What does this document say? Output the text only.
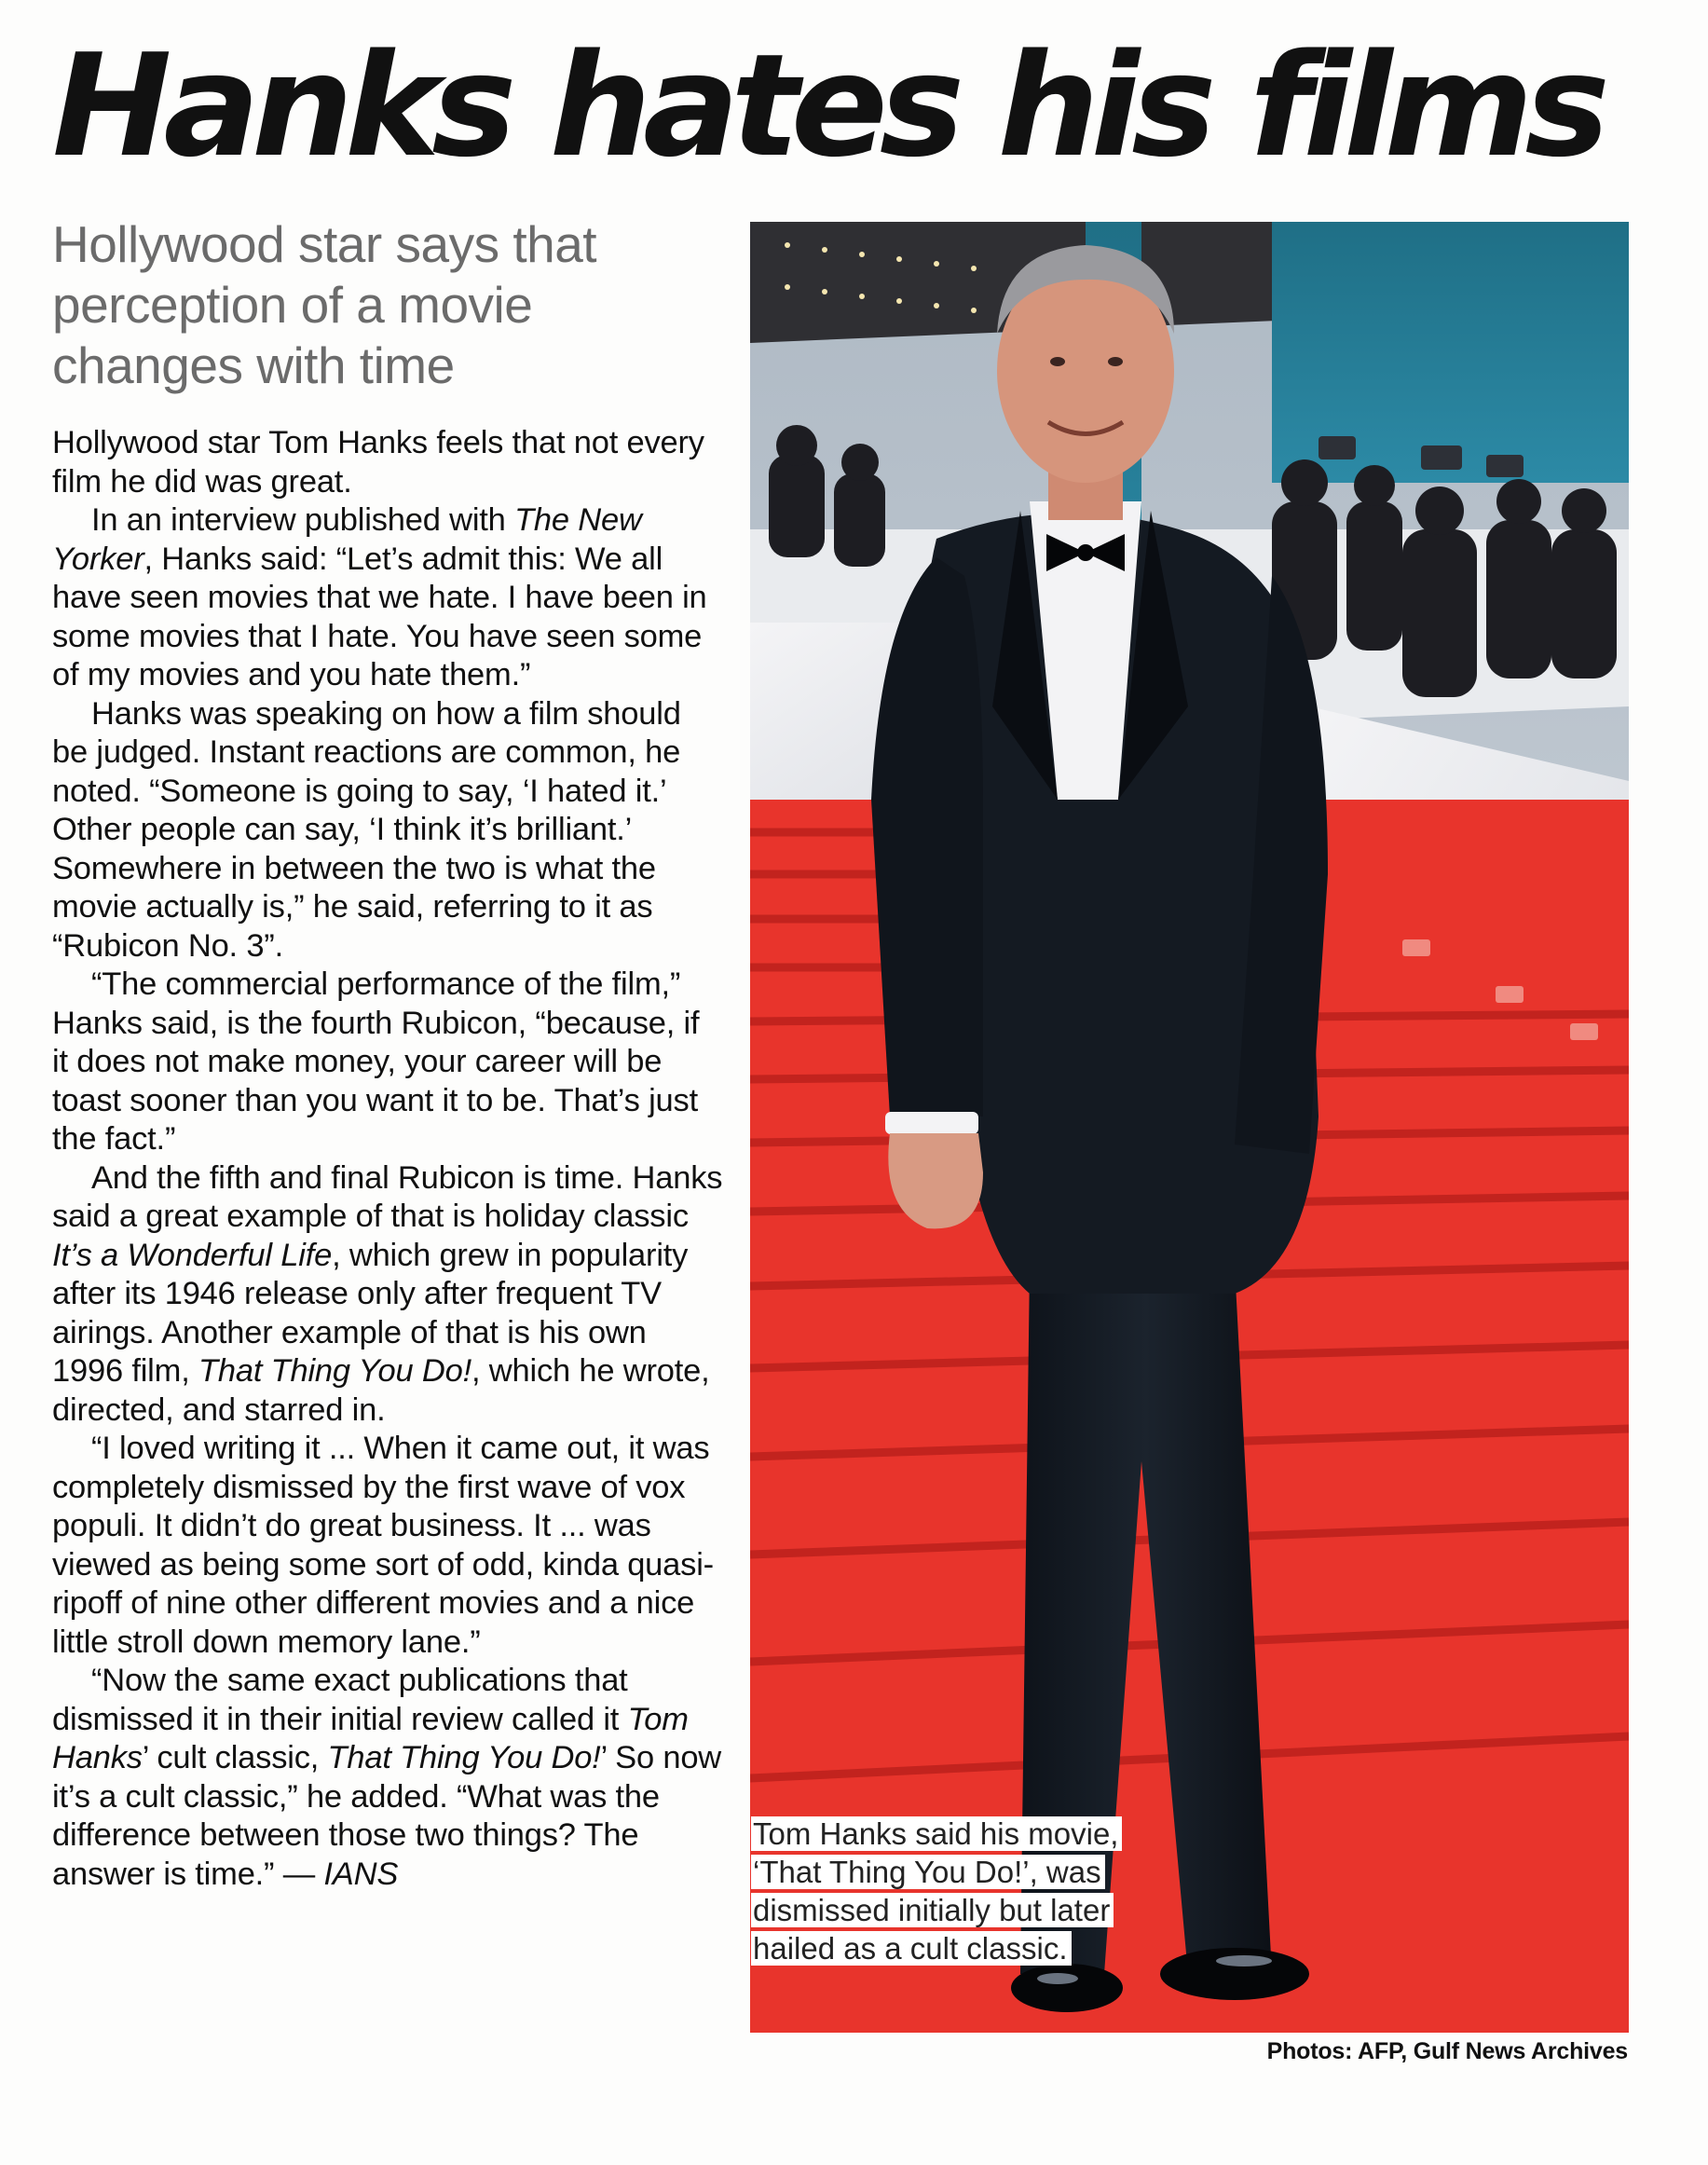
Hanks hates his films
Hollywood star says that perception of a movie changes with time

Hollywood star Tom Hanks feels that not every film he did was great.

In an interview published with The New Yorker, Hanks said: “Let’s admit this: We all have seen movies that we hate. I have been in some movies that I hate. You have seen some of my movies and you hate them.”

Hanks was speaking on how a film should be judged. Instant reactions are common, he noted. “Someone is going to say, ‘I hated it.’ Other people can say, ‘I think it’s brilliant.’ Somewhere in between the two is what the movie actually is,” he said, referring to it as “Rubicon No. 3”.

“The commercial performance of the film,” Hanks said, is the fourth Rubicon, “because, if it does not make money, your career will be toast sooner than you want it to be. That’s just the fact.”

And the fifth and final Rubicon is time. Hanks said a great example of that is holiday classic It’s a Wonderful Life, which grew in popularity after its 1946 release only after frequent TV airings. Another example of that is his own 1996 film, That Thing You Do!, which he wrote, directed, and starred in.

“I loved writing it ... When it came out, it was completely dismissed by the first wave of vox populi. It didn’t do great business. It ... was viewed as being some sort of odd, kinda quasi-ripoff of nine other different movies and a nice little stroll down memory lane.”

“Now the same exact publications that dismissed it in their initial review called it Tom Hanks’ cult classic, That Thing You Do!’ So now it’s a cult classic,” he added. “What was the difference between those two things? The answer is time.” — IANS

Tom Hanks said his movie, ‘That Thing You Do!’, was dismissed initially but later hailed as a cult classic.
Photos: AFP, Gulf News Archives
